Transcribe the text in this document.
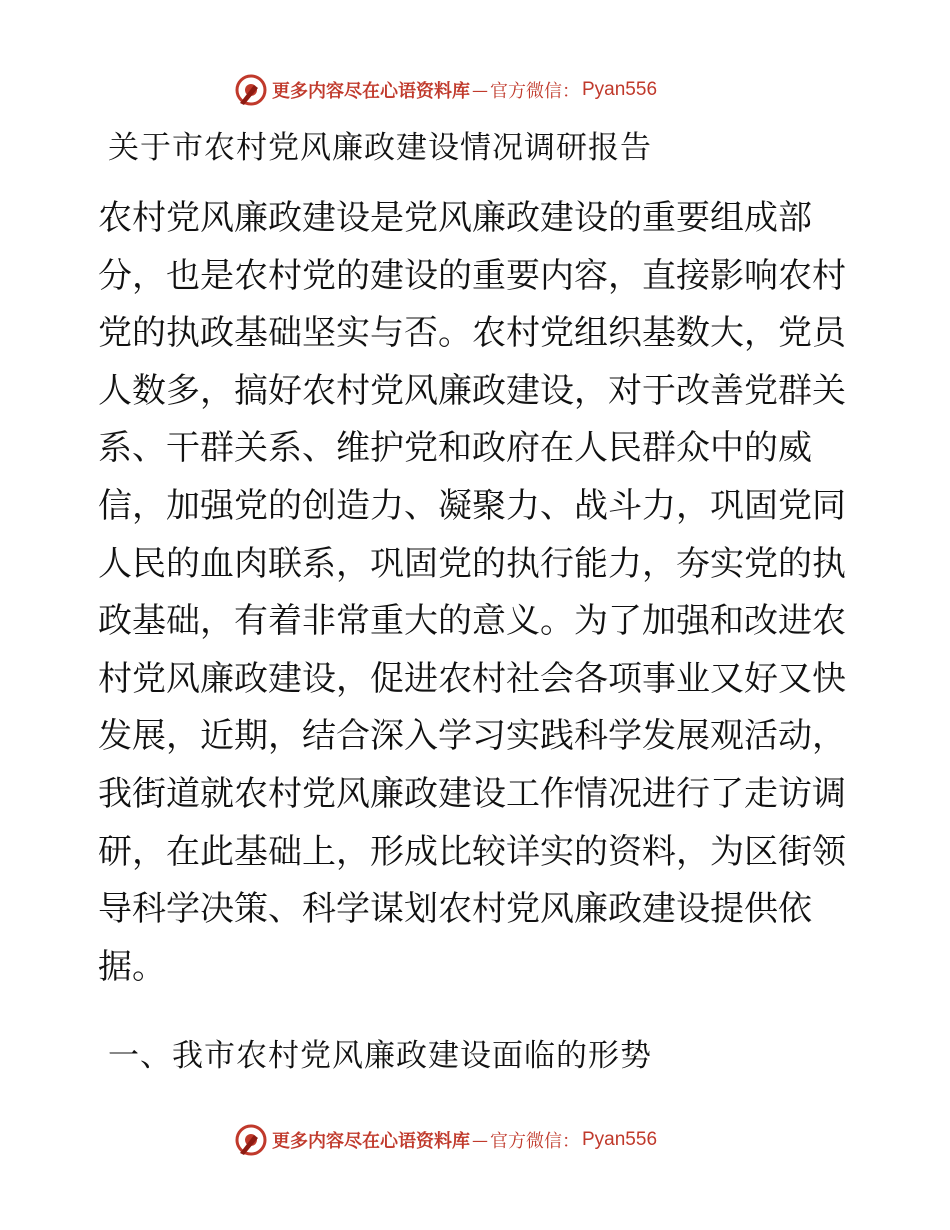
更多内容尽在心语资料库 — 官方微信： Pyan556
关于市农村党风廉政建设情况调研报告

农村党风廉政建设是党风廉政建设的重要组成部
分，也是农村党的建设的重要内容，直接影响农村
党的执政基础坚实与否。农村党组织基数大，党员
人数多，搞好农村党风廉政建设，对于改善党群关
系、干群关系、维护党和政府在人民群众中的威
信，加强党的创造力、凝聚力、战斗力，巩固党同
人民的血肉联系，巩固党的执行能力，夯实党的执
政基础，有着非常重大的意义。为了加强和改进农
村党风廉政建设，促进农村社会各项事业又好又快
发展，近期，结合深入学习实践科学发展观活动，
我街道就农村党风廉政建设工作情况进行了走访调
研，在此基础上，形成比较详实的资料，为区街领
导科学决策、科学谋划农村党风廉政建设提供依
据。

一、我市农村党风廉政建设面临的形势
更多内容尽在心语资料库 — 官方微信： Pyan556
